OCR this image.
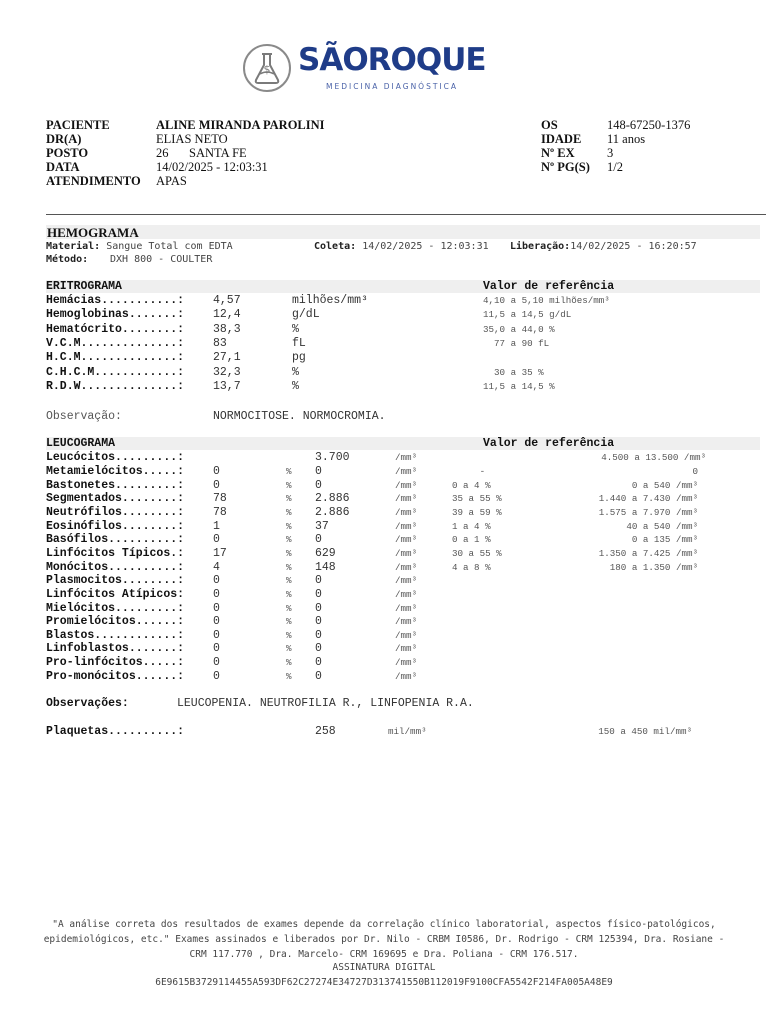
$ SÃOROQUE
MEDICINA DIAGNÓSTICA
PACIENTE	ALINE MIRANDA PAROLINI
DR(A)	ELIAS NETO
POSTO	26 SANTA FE
DATA	14/02/2025 - 12:03:31
ATENDIMENTO APAS
OS	148-67250-1376
IDADE 11 anos
Nº EX	3
Nº PG(S) 1/2
HEMOGRAMA
Material: Sangue Total com EDTA	Coleta: 14/02/2025 - 12:03:31 Liberação:14/02/2025 - 16:20:57
Método: DXH 800 - COULTER
ERITROGRAMA	Valor de referência
Hemácias...........:	4,57	milhões/mm³	4,10 a 5,10 milhões/mm³
Hemoglobinas.......:	12,4	g/dL	11,5 a 14,5 g/dL
Hematócrito........:	38,3	%	35,0 a 44,0 %
V.C.M..............:	83	fL	77 a 90 fL
H.C.M..............:	27,1	pg
C.H.C.M............:	32,3	%	30 a 35 %
R.D.W..............:	13,7	%	11,5 a 14,5 %
Observação:	NORMOCITOSE. NORMOCROMIA.
LEUCOGRAMA	Valor de referência
Leucócitos.........:	3.700	/mm³	4.500 a 13.500 /mm³
Metamielócitos.....:	0	% 0	/mm³	-	0
Bastonetes.........:	0	% 0	/mm³	0 a 4 %	0 a 540 /mm³
Segmentados........:	78	% 2.886	/mm³	35 a 55 %	1.440 a 7.430 /mm³
Neutrófilos........:	78	% 2.886	/mm³	39 a 59 %	1.575 a 7.970 /mm³
Eosinófilos........:	1	% 37	/mm³	1 a 4 %	40 a 540 /mm³
Basófilos..........:	0	% 0	/mm³	0 a 1 %	0 a 135 /mm³
Linfócitos Típicos.:	17	% 629	/mm³	30 a 55 %	1.350 a 7.425 /mm³
Monócitos..........:	4	% 148	/mm³	4 a 8 %	180 a 1.350 /mm³
Plasmocitos........:	0	% 0	/mm³
Linfócitos Atípicos:	0	% 0	/mm³
Mielócitos.........:	0	% 0	/mm³
Promielócitos......:	0	% 0	/mm³
Blastos............:	0	% 0	/mm³
Linfoblastos.......:	0	% 0	/mm³
Pro-linfócitos.....:	0	% 0	/mm³
Pro-monócitos......:	0	% 0	/mm³
Observações:	LEUCOPENIA. NEUTROFILIA R., LINFOPENIA R.A.
Plaquetas..........:	258	mil/mm³	150 a 450 mil/mm³
"A análise correta dos resultados de exames depende da correlação clínico laboratorial, aspectos físico-patológicos, epidemiológicos, etc." Exames assinados e liberados por Dr. Nilo - CRBM I0586, Dr. Rodrigo - CRM 125394, Dra. Rosiane - CRM 117.770 , Dra. Marcelo- CRM 169695 e Dra. Poliana - CRM 176.517.
ASSINATURA DIGITAL
6E9615B3729114455A593DF62C27274E34727D313741550B112019F9100CFA5542F214FA005A48E9
